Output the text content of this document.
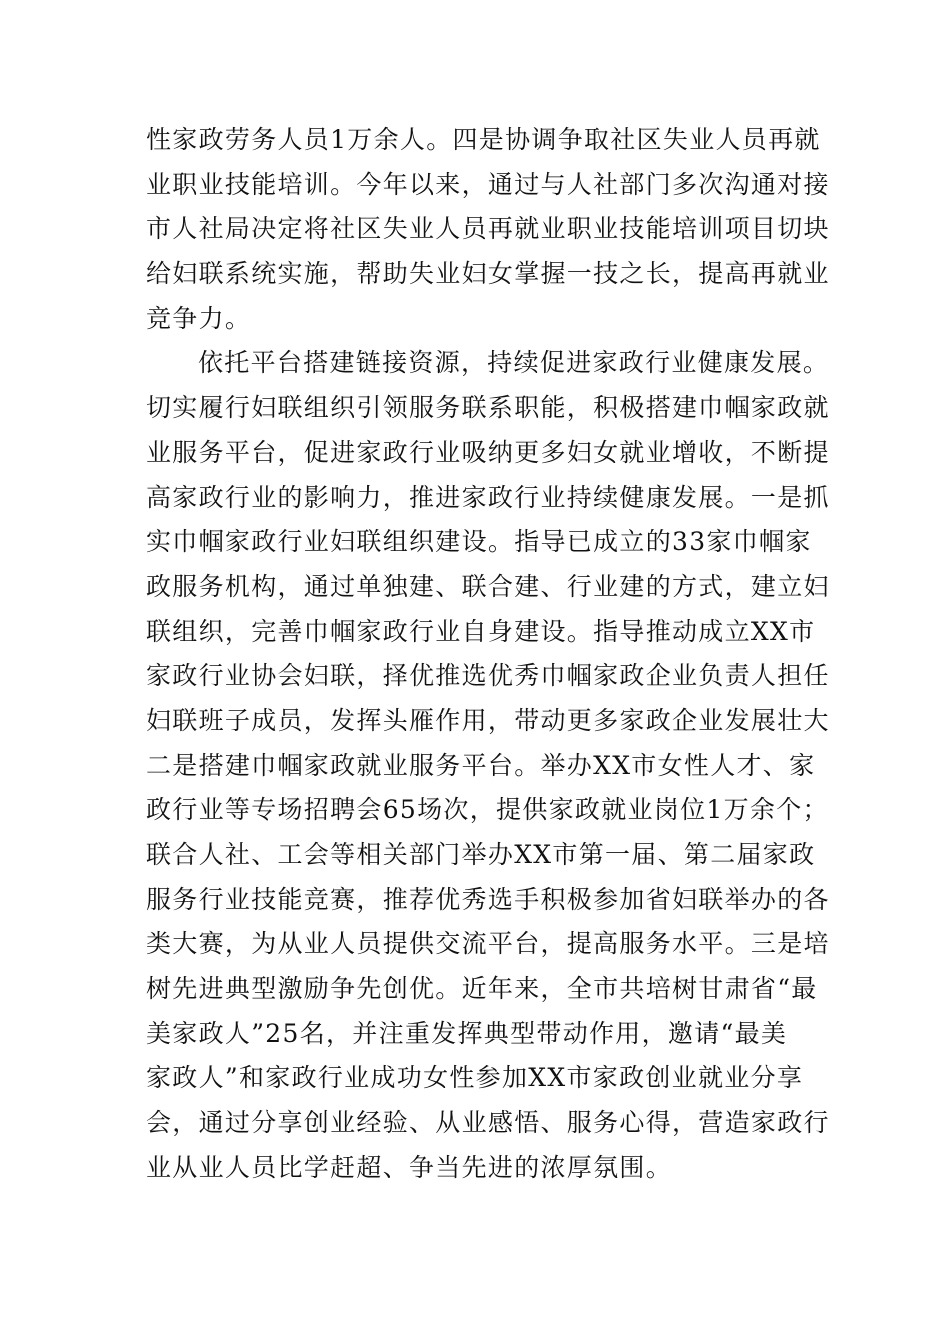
性家政劳务人员1万余人。四是协调争取社区失业人员再就
业职业技能培训。今年以来，通过与人社部门多次沟通对接
市人社局决定将社区失业人员再就业职业技能培训项目切块
给妇联系统实施，帮助失业妇女掌握一技之长，提高再就业
竞争力。
依托平台搭建链接资源，持续促进家政行业健康发展。
切实履行妇联组织引领服务联系职能，积极搭建巾帼家政就
业服务平台，促进家政行业吸纳更多妇女就业增收，不断提
高家政行业的影响力，推进家政行业持续健康发展。一是抓
实巾帼家政行业妇联组织建设。指导已成立的33家巾帼家
政服务机构，通过单独建、联合建、行业建的方式，建立妇
联组织，完善巾帼家政行业自身建设。指导推动成立XX市
家政行业协会妇联，择优推选优秀巾帼家政企业负责人担任
妇联班子成员，发挥头雁作用，带动更多家政企业发展壮大
二是搭建巾帼家政就业服务平台。举办XX市女性人才、家
政行业等专场招聘会65场次，提供家政就业岗位1万余个；
联合人社、工会等相关部门举办XX市第一届、第二届家政
服务行业技能竞赛，推荐优秀选手积极参加省妇联举办的各
类大赛，为从业人员提供交流平台，提高服务水平。三是培
树先进典型激励争先创优。近年来，全市共培树甘肃省“最
美家政人”25名，并注重发挥典型带动作用，邀请“最美
家政人”和家政行业成功女性参加XX市家政创业就业分享
会，通过分享创业经验、从业感悟、服务心得，营造家政行
业从业人员比学赶超、争当先进的浓厚氛围。
